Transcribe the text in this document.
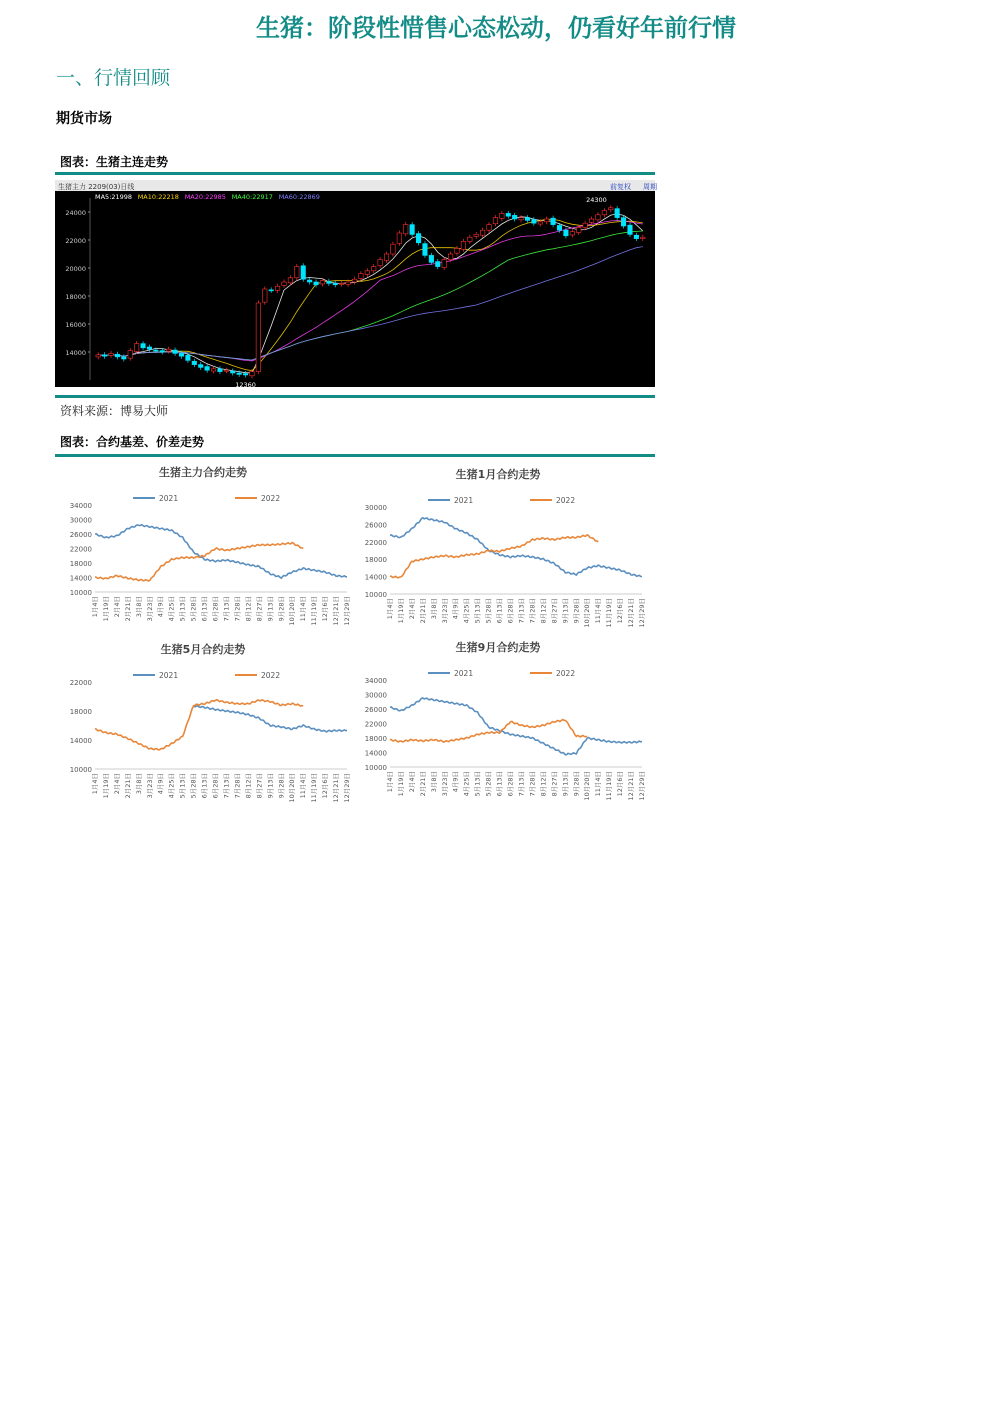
生猪：阶段性惜售心态松动，仍看好年前行情
一、行情回顾
期货市场
图表：生猪主连走势
生猪主力 2209(03)日线	前复权 周期
MA5:21998 MA10:22218 MA20:22985 MA40:22917 MA60:22869
24000
22000
20000
18000
16000
14000
12360
24300
资料来源：博易大师
图表：合约基差、价差走势
生猪主力合约走势
2021	2022
34000
30000
26000
22000
18000
14000
10000
1月4日 1月19日 2月4日 2月21日 3月8日 3月23日 4月9日 4月25日 5月13日 5月28日 6月13日 6月28日 7月13日 7月28日 8月12日 8月27日 9月13日 9月28日 10月20日 11月4日 11月19日 12月6日 12月21日 12月29日
生猪1月合约走势
2021	2022
30000
26000
22000
18000
14000
10000
1月4日 1月19日 2月4日 2月21日 3月8日 3月23日 4月9日 4月25日 5月13日 5月28日 6月13日 6月28日 7月13日 7月28日 8月12日 8月27日 9月13日 9月28日 10月20日 11月4日 11月19日 12月6日 12月21日 12月29日
生猪5月合约走势
2021	2022
22000
18000
14000
10000
1月4日 1月19日 2月4日 2月21日 3月8日 3月23日 4月9日 4月25日 5月13日 5月28日 6月13日 6月28日 7月13日 7月28日 8月12日 8月27日 9月13日 9月28日 10月20日 11月4日 11月19日 12月6日 12月21日 12月29日
生猪9月合约走势
2021	2022
34000
30000
26000
22000
18000
14000
10000
1月4日 1月19日 2月4日 2月21日 3月8日 3月23日 4月9日 4月25日 5月13日 5月28日 6月13日 6月28日 7月13日 7月28日 8月12日 8月27日 9月13日 9月28日 10月20日 11月4日 11月19日 12月6日 12月21日 12月29日
